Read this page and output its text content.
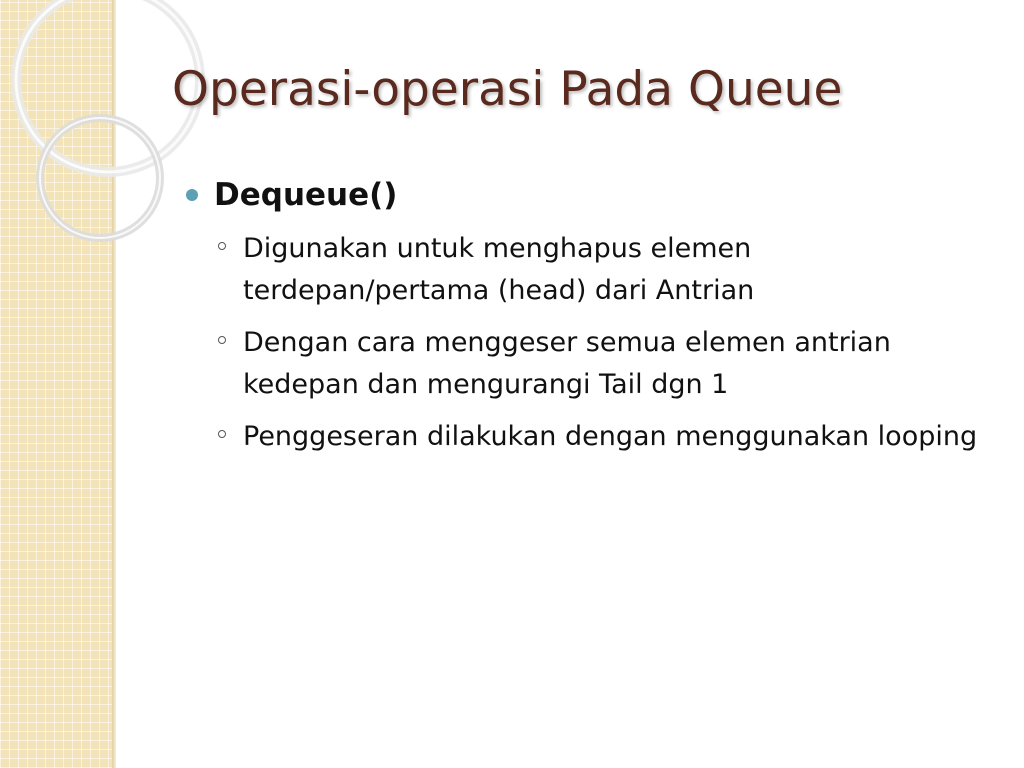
Operasi-operasi Pada Queue
Dequeue()
Digunakan untuk menghapus elemen terdepan/pertama (head) dari Antrian
Dengan cara menggeser semua elemen antrian kedepan dan mengurangi Tail dgn 1
Penggeseran dilakukan dengan menggunakan looping
